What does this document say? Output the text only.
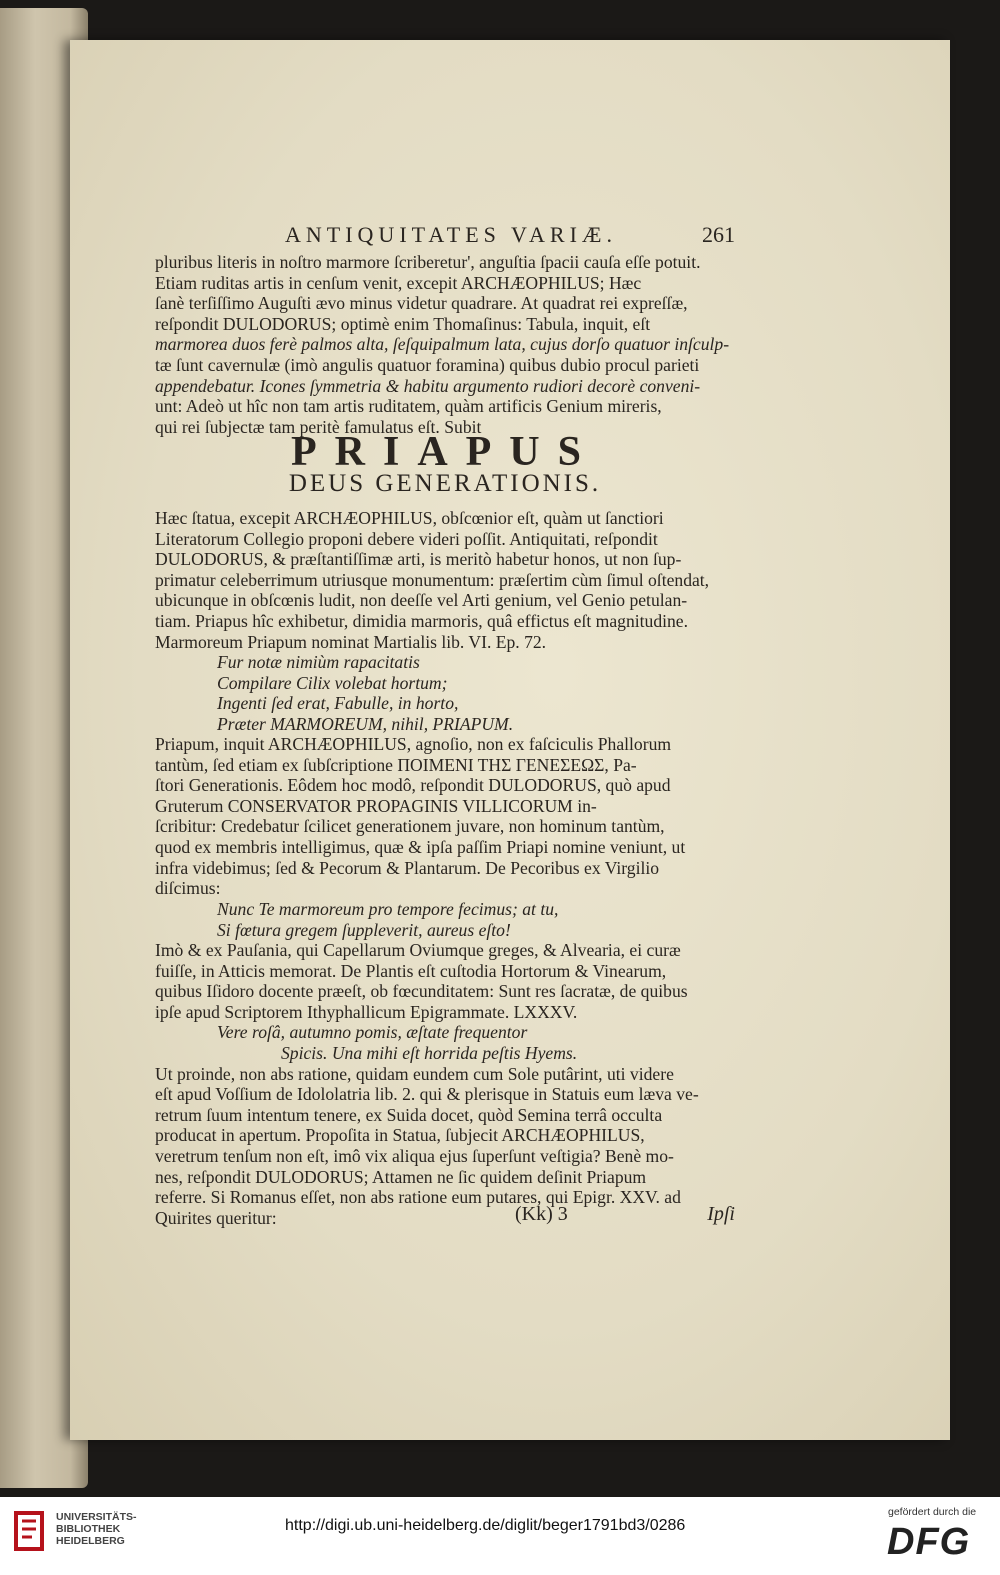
ANTIQUITATES VARIÆ.	261

pluribus literis in noſtro marmore ſcriberetur', anguſtia ſpacii cauſa eſſe potuit.

Etiam ruditas artis in cenſum venit, excepit ARCHÆOPHILUS; Hæc

ſanè terſiſſimo Auguſti ævo minus videtur quadrare. At quadrat rei expreſſæ,

reſpondit DULODORUS; optimè enim Thomaſinus: Tabula, inquit, eſt

marmorea duos ferè palmos alta, ſeſquipalmum lata, cujus dorſo quatuor inſculp-

tæ ſunt cavernulæ (imò angulis quatuor foramina) quibus dubio procul parieti

appendebatur. Icones ſymmetria & habitu argumento rudiori decorè conveni-

unt: Adeò ut hîc non tam artis ruditatem, quàm artificis Genium mireris,

qui rei ſubjectæ tam peritè famulatus eſt. Subit

PRIAPUS
DEUS GENERATIONIS.

Hæc ſtatua, excepit ARCHÆOPHILUS, obſcœnior eſt, quàm ut ſanctiori

Literatorum Collegio proponi debere videri poſſit. Antiquitati, reſpondit

DULODORUS, & præſtantiſſimæ arti, is meritò habetur honos, ut non ſup-

primatur celeberrimum utriusque monumentum: præſertim cùm ſimul oſtendat,

ubicunque in obſcœnis ludit, non deeſſe vel Arti genium, vel Genio petulan-

tiam. Priapus hîc exhibetur, dimidia marmoris, quâ effictus eſt magnitudine.

Marmoreum Priapum nominat Martialis lib. VI. Ep. 72.

Fur notæ nimiùm rapacitatis

Compilare Cilix volebat hortum;

Ingenti ſed erat, Fabulle, in horto,

Præter MARMOREUM, nihil, PRIAPUM.

Priapum, inquit ARCHÆOPHILUS, agnoſio, non ex faſciculis Phallorum

tantùm, ſed etiam ex ſubſcriptione ΠΟΙΜΕΝΙ ΤΗΣ ΓΕΝΕΣΕΩΣ, Pa-

ſtori Generationis. Eôdem hoc modô, reſpondit DULODORUS, quò apud

Gruterum CONSERVATOR PROPAGINIS VILLICORUM in-

ſcribitur: Credebatur ſcilicet generationem juvare, non hominum tantùm,

quod ex membris intelligimus, quæ & ipſa paſſim Priapi nomine veniunt, ut

infra videbimus; ſed & Pecorum & Plantarum. De Pecoribus ex Virgilio

diſcimus:

Nunc Te marmoreum pro tempore fecimus; at tu,

Si fœtura gregem ſuppleverit, aureus eſto!

Imò & ex Pauſania, qui Capellarum Oviumque greges, & Alvearia, ei curæ

fuiſſe, in Atticis memorat. De Plantis eſt cuſtodia Hortorum & Vinearum,

quibus Iſidoro docente præeſt, ob fœcunditatem: Sunt res ſacratæ, de quibus

ipſe apud Scriptorem Ithyphallicum Epigrammate. LXXXV.

Vere roſâ, autumno pomis, æſtate frequentor

Spicis. Una mihi eſt horrida peſtis Hyems.

Ut proinde, non abs ratione, quidam eundem cum Sole putârint, uti videre

eſt apud Voſſium de Idololatria lib. 2. qui & plerisque in Statuis eum læva ve-

retrum ſuum intentum tenere, ex Suida docet, quòd Semina terrâ occulta

producat in apertum. Propoſita in Statua, ſubjecit ARCHÆOPHILUS,

veretrum tenſum non eſt, imô vix aliqua ejus ſuperſunt veſtigia? Benè mo-

nes, reſpondit DULODORUS; Attamen ne ſic quidem deſinit Priapum

referre. Si Romanus eſſet, non abs ratione eum putares, qui Epigr. XXV. ad

Quirites queritur:	(Kk) 3	Ipſi
UNIVERSITÄTS-
BIBLIOTHEK
HEIDELBERG
http://digi.ub.uni-heidelberg.de/diglit/beger1791bd3/0286
gefördert durch die
DFG
